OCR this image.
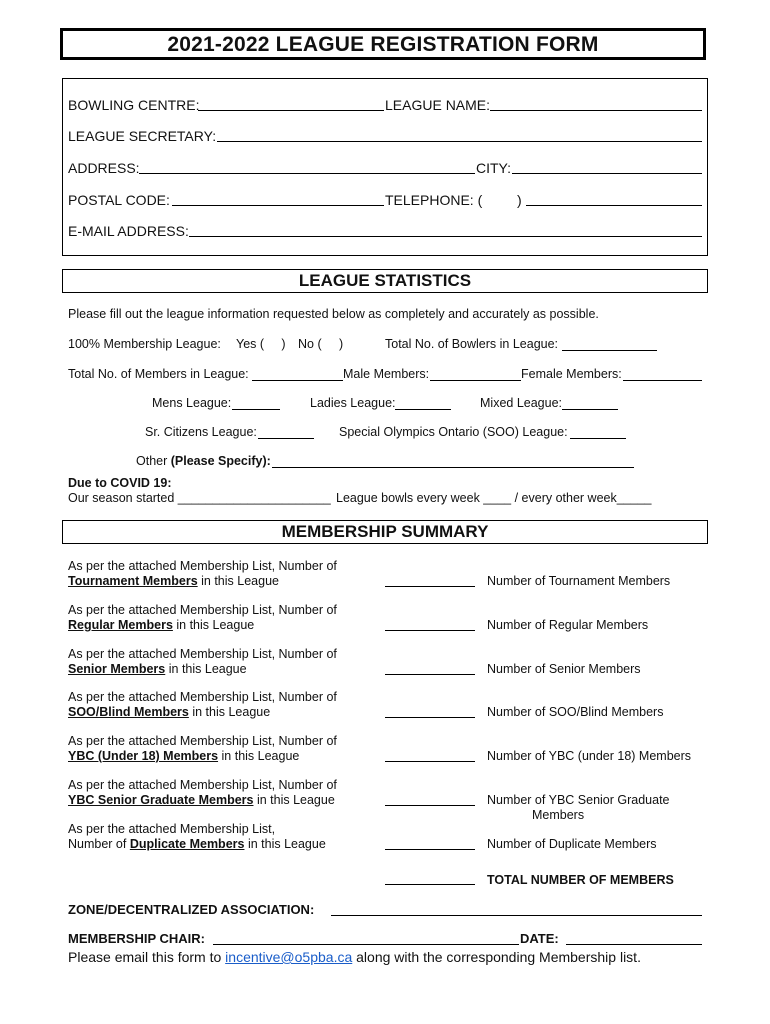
2021-2022 LEAGUE REGISTRATION FORM
BOWLING CENTRE:	LEAGUE NAME:
LEAGUE SECRETARY:
ADDRESS:	CITY:
POSTAL CODE:	TELEPHONE: ( )
E-MAIL ADDRESS:
LEAGUE STATISTICS
Please fill out the league information requested below as completely and accurately as possible.
100% Membership League: Yes (     ) No (     )	Total No. of Bowlers in League:
Total No. of Members in League:	Male Members:	Female Members:
Mens League:	Ladies League:	Mixed League:
Sr. Citizens League:	Special Olympics Ontario (SOO) League:
Other (Please Specify):
Due to COVID 19:
Our season started ______________________ League bowls every week ____ / every other week_____
MEMBERSHIP SUMMARY
As per the attached Membership List, Number of
Tournament Members in this League	Number of Tournament Members
As per the attached Membership List, Number of
Regular Members in this League	Number of Regular Members
As per the attached Membership List, Number of
Senior Members in this League	Number of Senior Members
As per the attached Membership List, Number of
SOO/Blind Members in this League	Number of SOO/Blind Members
As per the attached Membership List, Number of
YBC (Under 18) Members in this League	Number of YBC (under 18) Members
As per the attached Membership List, Number of
YBC Senior Graduate Members in this League	Number of YBC Senior Graduate
Members
As per the attached Membership List,
Number of Duplicate Members in this League	Number of Duplicate Members
TOTAL NUMBER OF MEMBERS
ZONE/DECENTRALIZED ASSOCIATION:
MEMBERSHIP CHAIR:	DATE:
Please email this form to incentive@o5pba.ca along with the corresponding Membership list.
